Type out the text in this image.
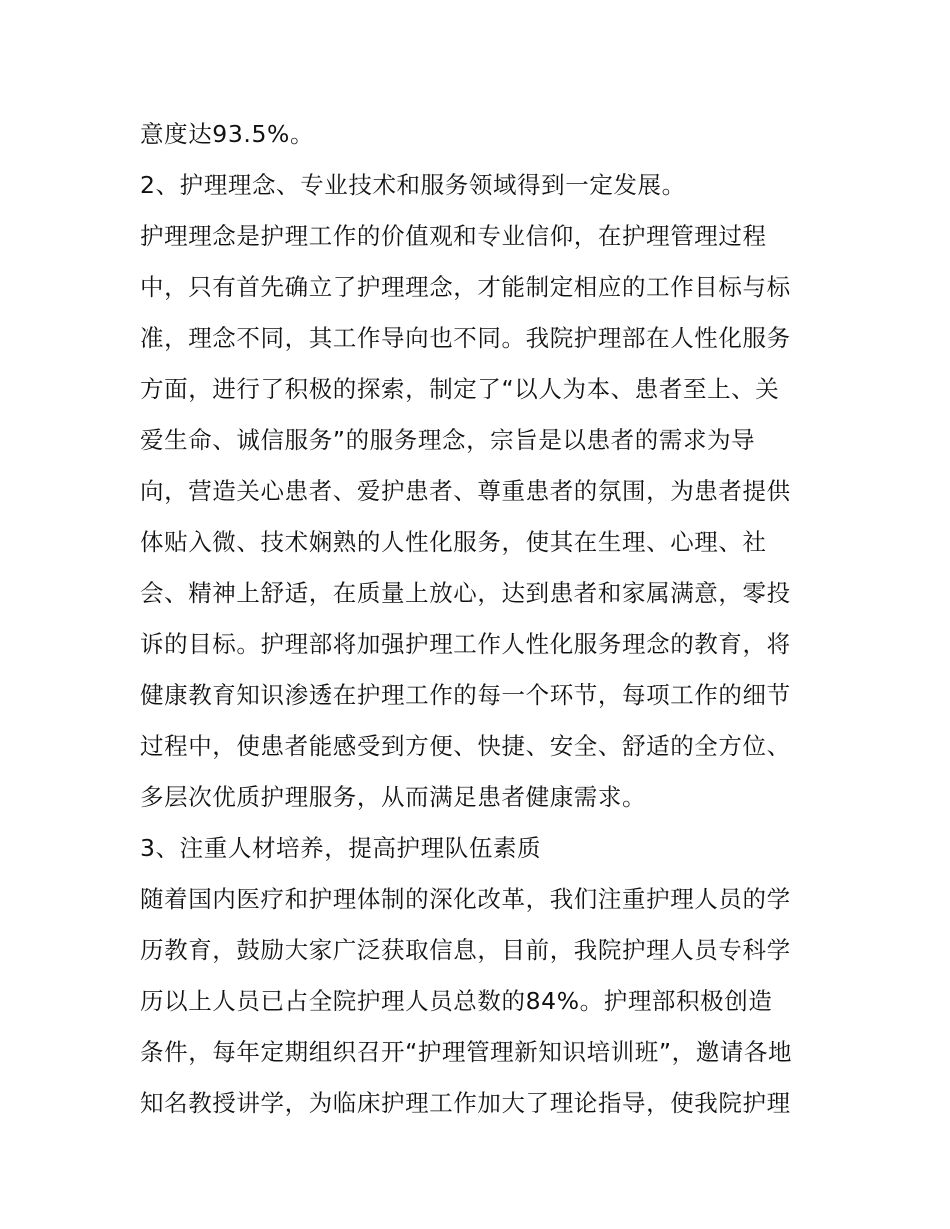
意度达93.5%。
2、护理理念、专业技术和服务领域得到一定发展。
护理理念是护理工作的价值观和专业信仰，在护理管理过程
中，只有首先确立了护理理念，才能制定相应的工作目标与标
准，理念不同，其工作导向也不同。我院护理部在人性化服务
方面，进行了积极的探索，制定了“以人为本、患者至上、关
爱生命、诚信服务”的服务理念，宗旨是以患者的需求为导
向，营造关心患者、爱护患者、尊重患者的氛围，为患者提供
体贴入微、技术娴熟的人性化服务，使其在生理、心理、社
会、精神上舒适，在质量上放心，达到患者和家属满意，零投
诉的目标。护理部将加强护理工作人性化服务理念的教育，将
健康教育知识渗透在护理工作的每一个环节，每项工作的细节
过程中，使患者能感受到方便、快捷、安全、舒适的全方位、
多层次优质护理服务，从而满足患者健康需求。
3、注重人材培养，提高护理队伍素质
随着国内医疗和护理体制的深化改革，我们注重护理人员的学
历教育，鼓励大家广泛获取信息，目前，我院护理人员专科学
历以上人员已占全院护理人员总数的84%。护理部积极创造
条件，每年定期组织召开“护理管理新知识培训班”，邀请各地
知名教授讲学，为临床护理工作加大了理论指导，使我院护理
